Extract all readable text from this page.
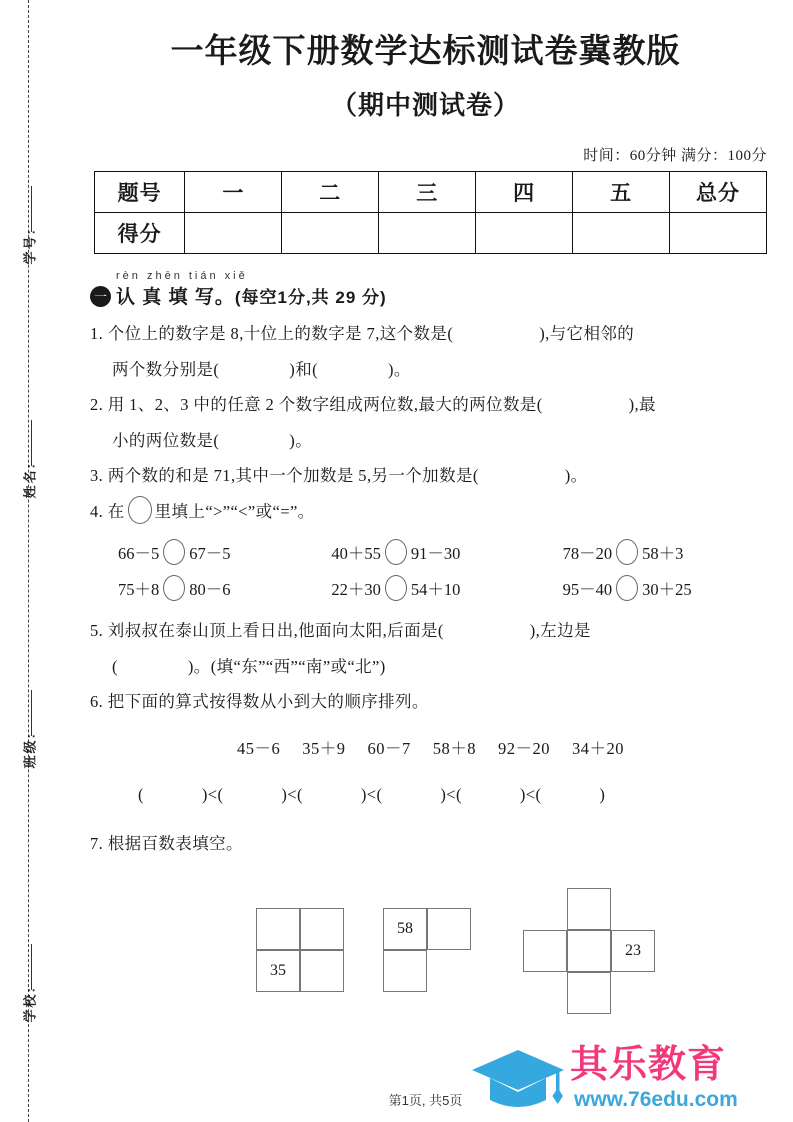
学号:
姓名:
班级:
学校:
一年级下册数学达标测试卷冀教版
（期中测试卷）
时间：60分钟 满分：100分
题号	一	二	三	四	五	总分
得分						
rèn zhēn tián xiě
一 认 真 填 写。(每空1分,共 29 分)
1. 个位上的数字是 8,十位上的数字是 7,这个数是(	),与它相邻的
两个数分别是(	)和(	)。
2. 用 1、2、3 中的任意 2 个数字组成两位数,最大的两位数是(	),最
小的两位数是(	)。
3. 两个数的和是 71,其中一个加数是 5,另一个加数是(	)。
4. 在 里填上“>”“<”或“=”。
66－5 67－5	40＋55 91－30	78－20 58＋3
75＋8 80－6	22＋30 54＋10	95－40 30＋25
5. 刘叔叔在泰山顶上看日出,他面向太阳,后面是(	),左边是
(	)。(填“东”“西”“南”或“北”)
6. 把下面的算式按得数从小到大的顺序排列。
45－6 35＋9 60－7 58＋8 92－20 34＋20
(	)<(	)<(	)<(	)<(	)<(	)
7. 根据百数表填空。
35
58
23
其乐教育
www.76edu.com
第1页, 共5页
